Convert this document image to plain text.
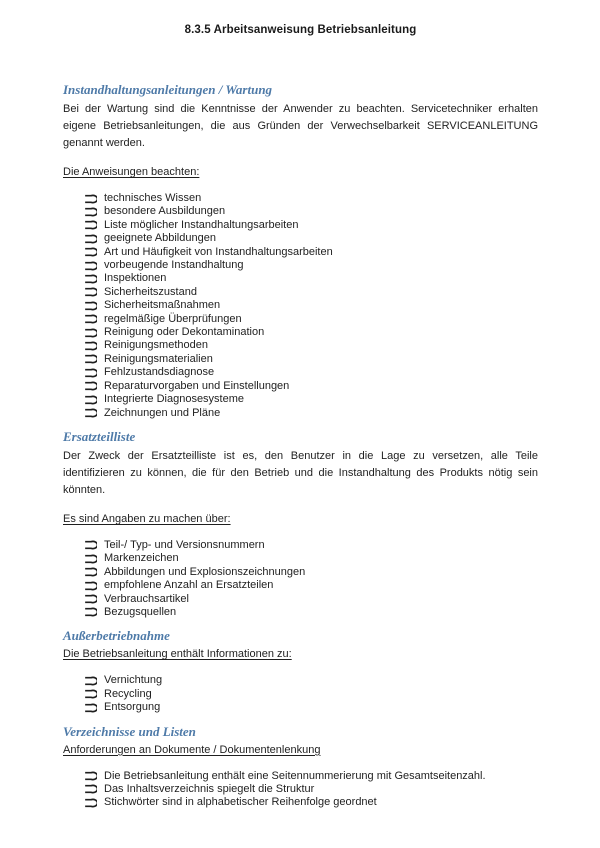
8.3.5 Arbeitsanweisung Betriebsanleitung
Instandhaltungsanleitungen / Wartung

Bei der Wartung sind die Kenntnisse der Anwender zu beachten. Servicetechniker erhalten eigene Betriebsanleitungen, die aus Gründen der Verwechselbarkeit SERVICEANLEITUNG genannt werden.

Die Anweisungen beachten:

technisches Wissen
besondere Ausbildungen
Liste möglicher Instandhaltungsarbeiten
geeignete Abbildungen
Art und Häufigkeit von Instandhaltungsarbeiten
vorbeugende Instandhaltung
Inspektionen
Sicherheitszustand
Sicherheitsmaßnahmen
regelmäßige Überprüfungen
Reinigung oder Dekontamination
Reinigungsmethoden
Reinigungsmaterialien
Fehlzustandsdiagnose
Reparaturvorgaben und Einstellungen
Integrierte Diagnosesysteme
Zeichnungen und Pläne
Ersatzteilliste

Der Zweck der Ersatzteilliste ist es, den Benutzer in die Lage zu versetzen, alle Teile identifizieren zu können, die für den Betrieb und die Instandhaltung des Produkts nötig sein könnten.

Es sind Angaben zu machen über:

Teil-/ Typ- und Versionsnummern
Markenzeichen
Abbildungen und Explosionszeichnungen
empfohlene Anzahl an Ersatzteilen
Verbrauchsartikel
Bezugsquellen
Außerbetriebnahme

Die Betriebsanleitung enthält Informationen zu:

Vernichtung
Recycling
Entsorgung
Verzeichnisse und Listen

Anforderungen an Dokumente / Dokumentenlenkung

Die Betriebsanleitung enthält eine Seitennummerierung mit Gesamtseitenzahl.
Das Inhaltsverzeichnis spiegelt die Struktur
Stichwörter sind in alphabetischer Reihenfolge geordnet
